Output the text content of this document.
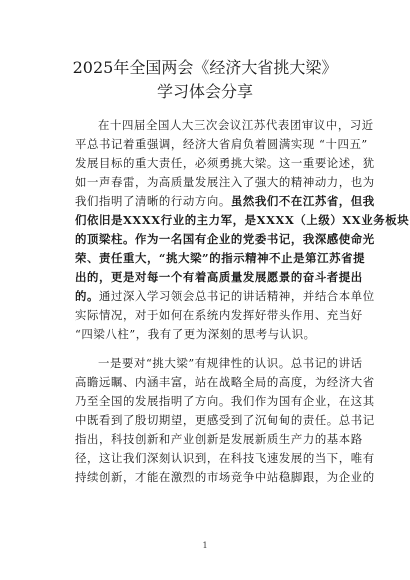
2025年全国两会《经济大省挑大梁》
学习体会分享
在十四届全国人大三次会议江苏代表团审议中，习近
平总书记着重强调，经济大省肩负着圆满实现 “十四五”
发展目标的重大责任，必须勇挑大梁。这一重要论述，犹
如一声春雷，为高质量发展注入了强大的精神动力，也为
我们指明了清晰的行动方向。虽然我们不在江苏省，但我
们依旧是XXXX行业的主力军，是XXXX（上级）XX业务板块
的顶梁柱。作为一名国有企业的党委书记，我深感使命光
荣、责任重大，“挑大梁”的指示精神不止是第江苏省提
出的，更是对每一个有着高质量发展愿景的奋斗者提出
的。通过深入学习领会总书记的讲话精神，并结合本单位
实际情况，对于如何在系统内发挥好带头作用、充当好
“四梁八柱”，我有了更为深刻的思考与认识。
一是要对“挑大梁”有规律性的认识。总书记的讲话
高瞻远瞩、内涵丰富，站在战略全局的高度，为经济大省
乃至全国的发展指明了方向。我们作为国有企业，在这其
中既看到了殷切期望，更感受到了沉甸甸的责任。总书记
指出，科技创新和产业创新是发展新质生产力的基本路
径，这让我们深刻认识到，在科技飞速发展的当下，唯有
持续创新，才能在激烈的市场竞争中站稳脚跟，为企业的
1
